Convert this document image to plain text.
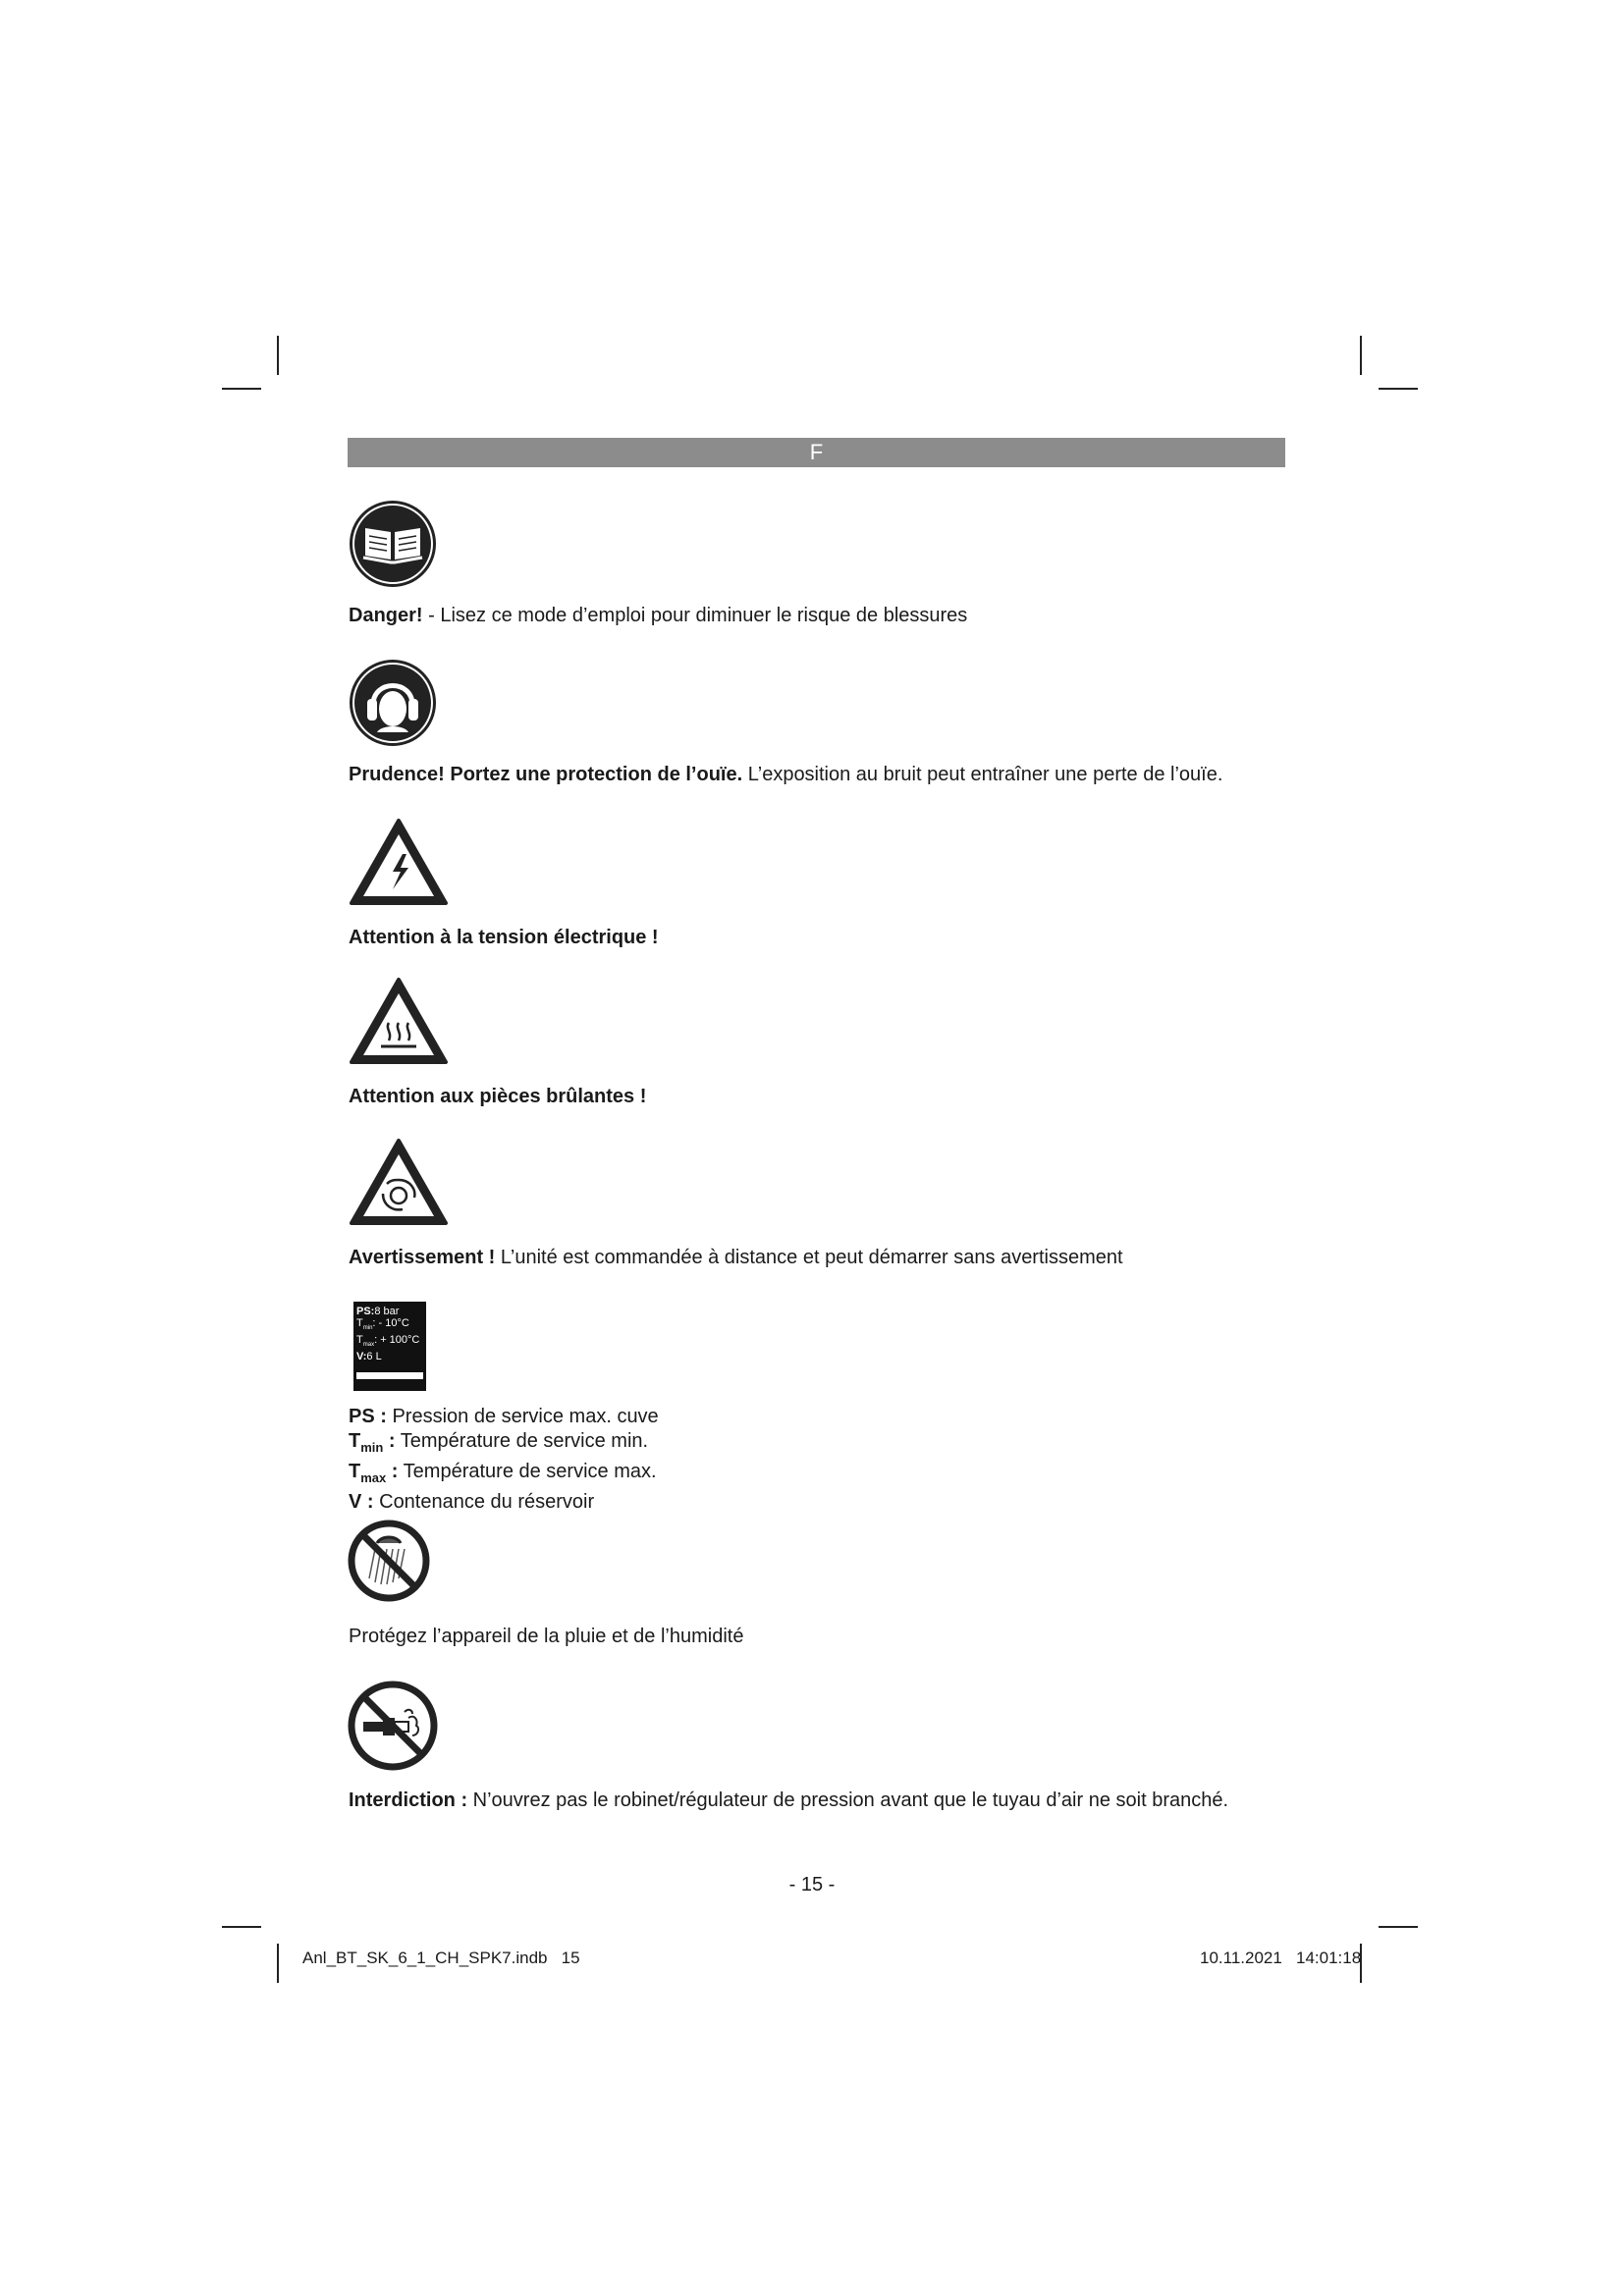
F
Danger! - Lisez ce mode d’emploi pour diminuer le risque de blessures
Prudence! Portez une protection de l’ouïe. L’exposition au bruit peut entraîner une perte de l’ouïe.
Attention à la tension électrique !
Attention aux pièces brûlantes !
Avertissement ! L’unité est commandée à distance et peut démarrer sans avertissement
PS:8 bar
$T_{min}$: - 10°C
$T_{max}$: + 100°C
V:6 L
PS : Pression de service max. cuve
$T_{min}$ : Température de service min.
$T_{max}$ : Température de service max.
V : Contenance du réservoir
Protégez l’appareil de la pluie et de l’humidité
Interdiction : N’ouvrez pas le robinet/régulateur de pression avant que le tuyau d’air ne soit branché.
- 15 -
Anl_BT_SK_6_1_CH_SPK7.indb   15	10.11.2021   14:01:18
